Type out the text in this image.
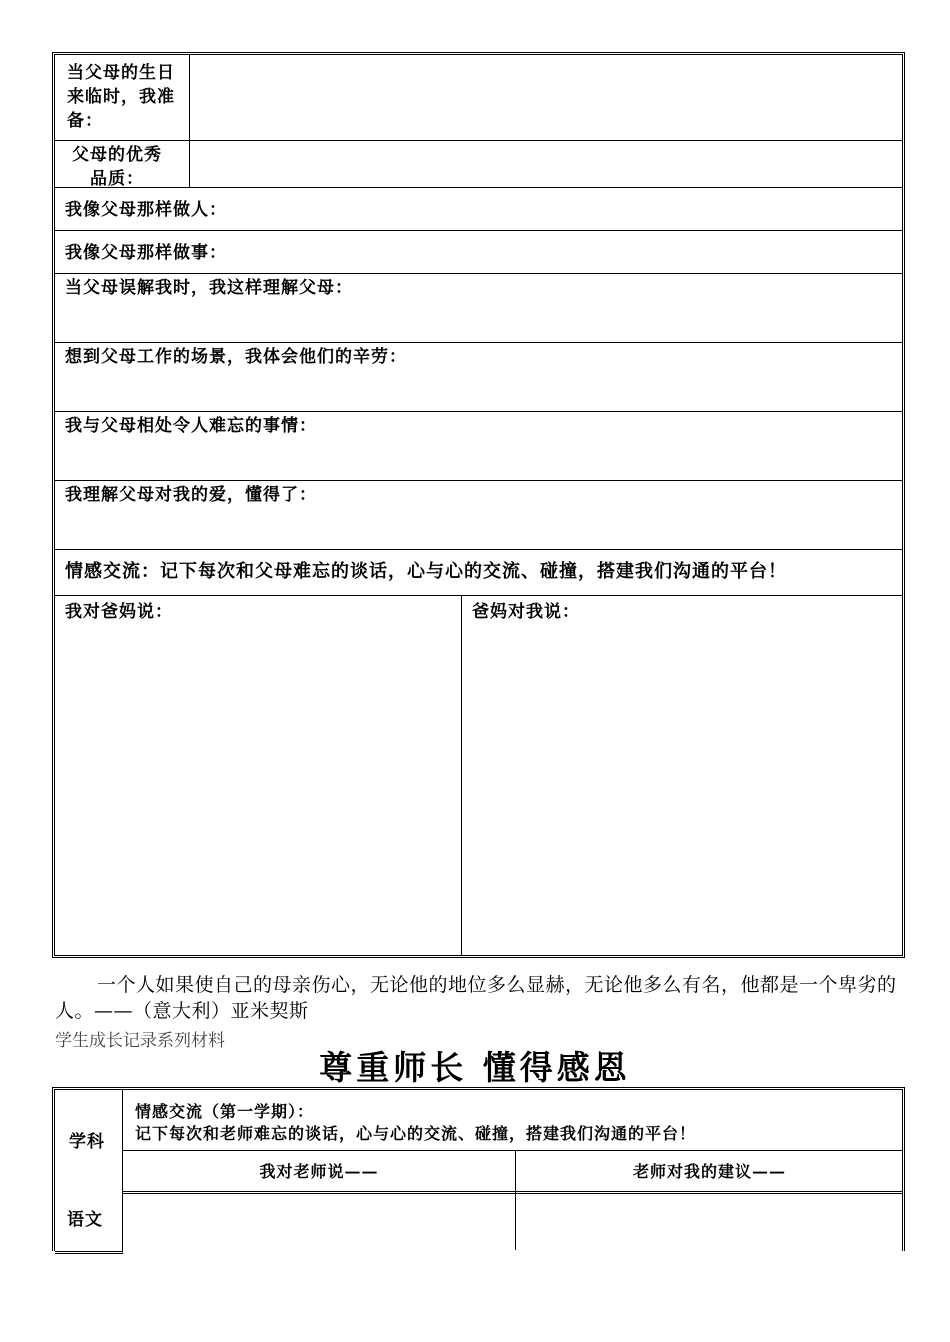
当父母的生日来临时，我准备：
父母的优秀品质：
我像父母那样做人：
我像父母那样做事：
当父母误解我时，我这样理解父母：
想到父母工作的场景，我体会他们的辛劳：
我与父母相处令人难忘的事情：
我理解父母对我的爱，懂得了：
情感交流：记下每次和父母难忘的谈话，心与心的交流、碰撞，搭建我们沟通的平台！
我对爸妈说：	爸妈对我说：
一个人如果使自己的母亲伤心，无论他的地位多么显赫，无论他多么有名，他都是一个卑劣的人。——（意大利）亚米契斯
学生成长记录系列材料
尊重师长 懂得感恩
学科
情感交流（第一学期）：
记下每次和老师难忘的谈话，心与心的交流、碰撞，搭建我们沟通的平台！
我对老师说——	老师对我的建议——
语文
